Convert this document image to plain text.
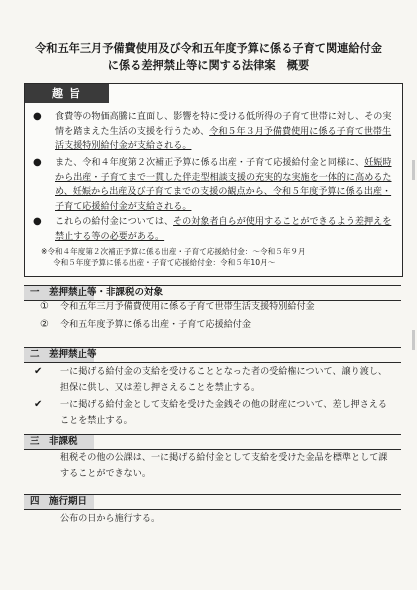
令和五年三月予備費使用及び令和五年度予算に係る子育て関連給付金
に係る差押禁止等に関する法律案　概要
趣旨
● 食費等の物価高騰に直面し、影響を特に受ける低所得の子育て世帯に対し、その実情を踏まえた生活の支援を行うため、令和５年３月予備費使用に係る子育て世帯生活支援特別給付金が支給される。
● また、令和４年度第２次補正予算に係る出産・子育て応援給付金と同様に、妊娠時から出産・子育てまで一貫した伴走型相談支援の充実的な実施を一体的に高めるため、妊娠から出産及び子育てまでの支援の観点から、令和５年度予算に係る出産・子育て応援給付金が支給される。
● これらの給付金については、その対象者自らが使用することができるよう差押えを禁止する等の必要がある。
※令和４年度第２次補正予算に係る出産・子育て応援給付金：～令和５年９月
令和５年度予算に係る出産・子育て応援給付金：令和５年10月～
一　差押禁止等・非課税の対象
① 令和五年三月予備費使用に係る子育て世帯生活支援特別給付金
② 令和五年度予算に係る出産・子育て応援給付金
二　差押禁止等
✔ 一に掲げる給付金の支給を受けることとなった者の受給権について、譲り渡し、担保に供し、又は差し押さえることを禁止する。
✔ 一に掲げる給付金として支給を受けた金銭その他の財産について、差し押さえることを禁止する。
三　非課税
租税その他の公課は、一に掲げる給付金として支給を受けた金品を標準として課することができない。
四　施行期日
公布の日から施行する。
